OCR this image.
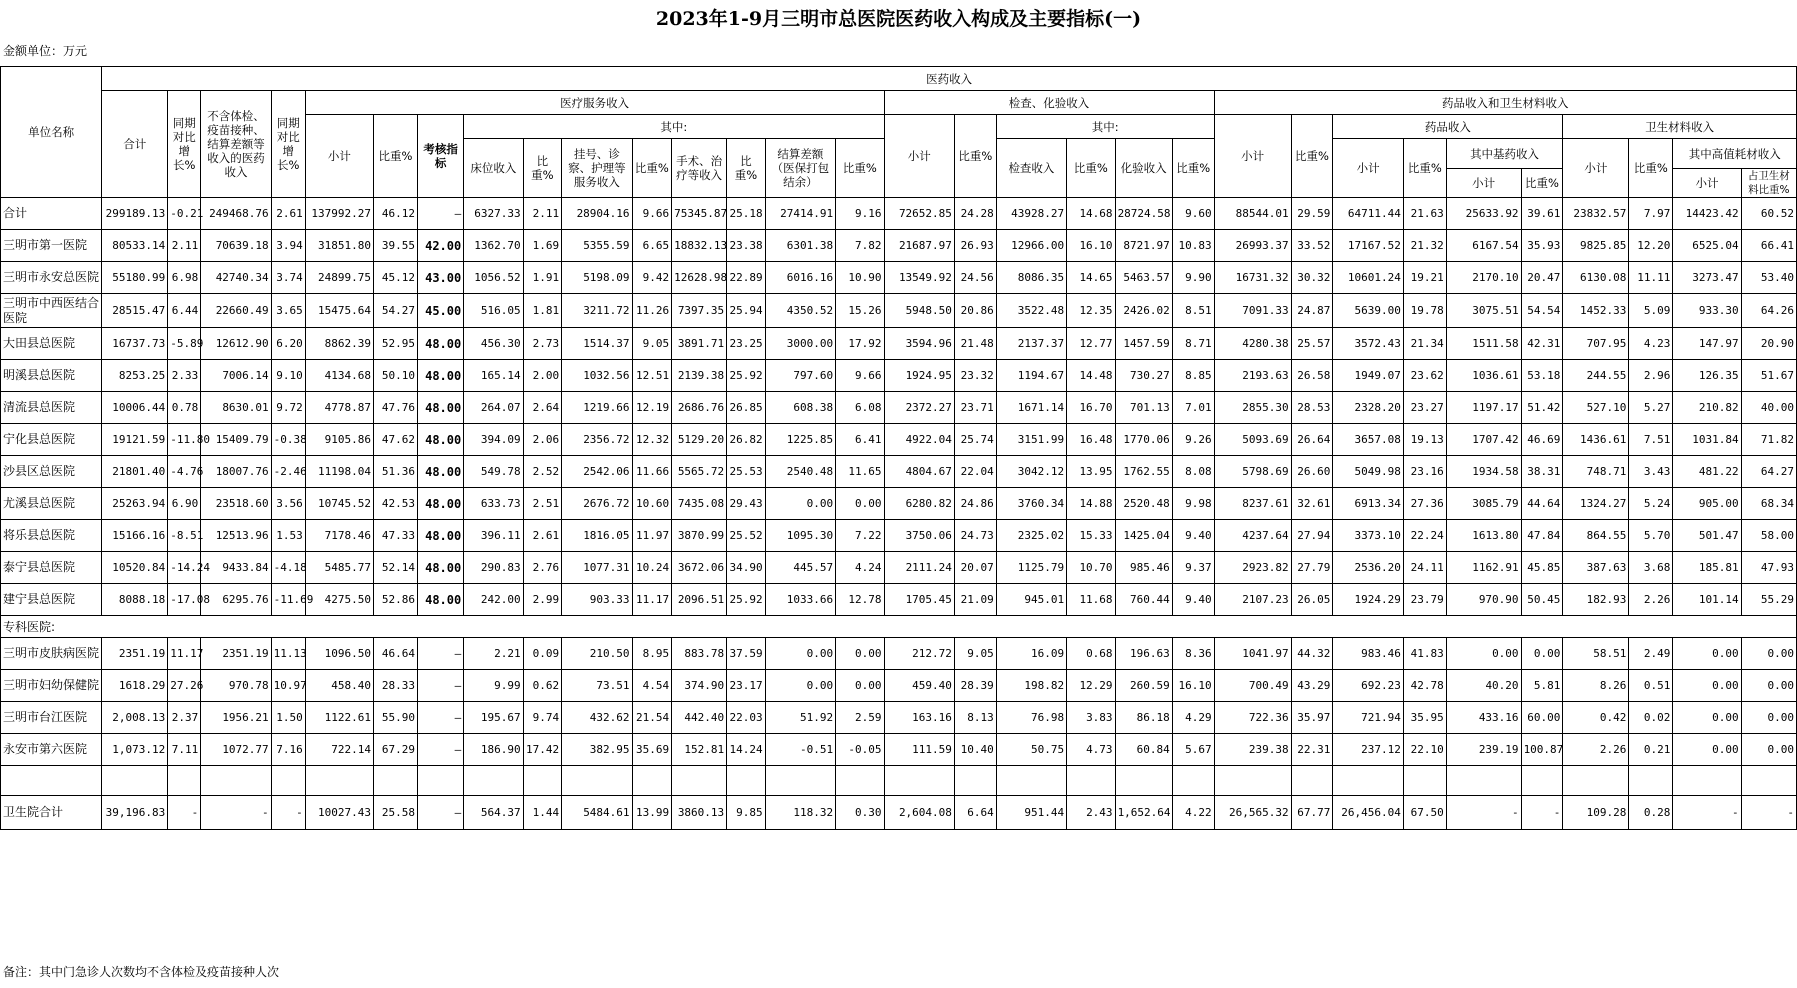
2023年1-9月三明市总医院医药收入构成及主要指标(一)
金额单位：万元
单位名称	医药收入																														
	合计	同期对比增长%	不含体检、疫苗接种、结算差额等收入的医药收入	同期对比增长%	医疗服务收入											检查、化验收入						药品收入和卫生材料收入									
					小计	比重%	考核指标	其中:								小计	比重%	其中:				小计	比重%	药品收入				卫生材料收入			
								床位收入	比重%	挂号、诊察、护理等服务收入	比重%	手术、治疗等收入	比重%	结算差额（医保打包结余）	比重%			检查收入	比重%	化验收入	比重%			小计	比重%	其中基药收入		小计	比重%	其中高值耗材收入	
																										小计	比重%			小计	占卫生材料比重%
合计	299189.13	-0.21	249468.76	2.61	137992.27	46.12	–	6327.33	2.11	28904.16	9.66	75345.87	25.18	27414.91	9.16	72652.85	24.28	43928.27	14.68	28724.58	9.60	88544.01	29.59	64711.44	21.63	25633.92	39.61	23832.57	7.97	14423.42	60.52
三明市第一医院	80533.14	2.11	70639.18	3.94	31851.80	39.55	42.00	1362.70	1.69	5355.59	6.65	18832.13	23.38	6301.38	7.82	21687.97	26.93	12966.00	16.10	8721.97	10.83	26993.37	33.52	17167.52	21.32	6167.54	35.93	9825.85	12.20	6525.04	66.41
三明市永安总医院	55180.99	6.98	42740.34	3.74	24899.75	45.12	43.00	1056.52	1.91	5198.09	9.42	12628.98	22.89	6016.16	10.90	13549.92	24.56	8086.35	14.65	5463.57	9.90	16731.32	30.32	10601.24	19.21	2170.10	20.47	6130.08	11.11	3273.47	53.40
三明市中西医结合医院	28515.47	6.44	22660.49	3.65	15475.64	54.27	45.00	516.05	1.81	3211.72	11.26	7397.35	25.94	4350.52	15.26	5948.50	20.86	3522.48	12.35	2426.02	8.51	7091.33	24.87	5639.00	19.78	3075.51	54.54	1452.33	5.09	933.30	64.26
大田县总医院	16737.73	-5.89	12612.90	6.20	8862.39	52.95	48.00	456.30	2.73	1514.37	9.05	3891.71	23.25	3000.00	17.92	3594.96	21.48	2137.37	12.77	1457.59	8.71	4280.38	25.57	3572.43	21.34	1511.58	42.31	707.95	4.23	147.97	20.90
明溪县总医院	8253.25	2.33	7006.14	9.10	4134.68	50.10	48.00	165.14	2.00	1032.56	12.51	2139.38	25.92	797.60	9.66	1924.95	23.32	1194.67	14.48	730.27	8.85	2193.63	26.58	1949.07	23.62	1036.61	53.18	244.55	2.96	126.35	51.67
清流县总医院	10006.44	0.78	8630.01	9.72	4778.87	47.76	48.00	264.07	2.64	1219.66	12.19	2686.76	26.85	608.38	6.08	2372.27	23.71	1671.14	16.70	701.13	7.01	2855.30	28.53	2328.20	23.27	1197.17	51.42	527.10	5.27	210.82	40.00
宁化县总医院	19121.59	-11.80	15409.79	-0.38	9105.86	47.62	48.00	394.09	2.06	2356.72	12.32	5129.20	26.82	1225.85	6.41	4922.04	25.74	3151.99	16.48	1770.06	9.26	5093.69	26.64	3657.08	19.13	1707.42	46.69	1436.61	7.51	1031.84	71.82
沙县区总医院	21801.40	-4.76	18007.76	-2.46	11198.04	51.36	48.00	549.78	2.52	2542.06	11.66	5565.72	25.53	2540.48	11.65	4804.67	22.04	3042.12	13.95	1762.55	8.08	5798.69	26.60	5049.98	23.16	1934.58	38.31	748.71	3.43	481.22	64.27
尤溪县总医院	25263.94	6.90	23518.60	3.56	10745.52	42.53	48.00	633.73	2.51	2676.72	10.60	7435.08	29.43	0.00	0.00	6280.82	24.86	3760.34	14.88	2520.48	9.98	8237.61	32.61	6913.34	27.36	3085.79	44.64	1324.27	5.24	905.00	68.34
将乐县总医院	15166.16	-8.51	12513.96	1.53	7178.46	47.33	48.00	396.11	2.61	1816.05	11.97	3870.99	25.52	1095.30	7.22	3750.06	24.73	2325.02	15.33	1425.04	9.40	4237.64	27.94	3373.10	22.24	1613.80	47.84	864.55	5.70	501.47	58.00
泰宁县总医院	10520.84	-14.24	9433.84	-4.18	5485.77	52.14	48.00	290.83	2.76	1077.31	10.24	3672.06	34.90	445.57	4.24	2111.24	20.07	1125.79	10.70	985.46	9.37	2923.82	27.79	2536.20	24.11	1162.91	45.85	387.63	3.68	185.81	47.93
建宁县总医院	8088.18	-17.08	6295.76	-11.69	4275.50	52.86	48.00	242.00	2.99	903.33	11.17	2096.51	25.92	1033.66	12.78	1705.45	21.09	945.01	11.68	760.44	9.40	2107.23	26.05	1924.29	23.79	970.90	50.45	182.93	2.26	101.14	55.29
专科医院:																															
三明市皮肤病医院	2351.19	11.17	2351.19	11.13	1096.50	46.64	–	2.21	0.09	210.50	8.95	883.78	37.59	0.00	0.00	212.72	9.05	16.09	0.68	196.63	8.36	1041.97	44.32	983.46	41.83	0.00	0.00	58.51	2.49	0.00	0.00
三明市妇幼保健院	1618.29	27.26	970.78	10.97	458.40	28.33	–	9.99	0.62	73.51	4.54	374.90	23.17	0.00	0.00	459.40	28.39	198.82	12.29	260.59	16.10	700.49	43.29	692.23	42.78	40.20	5.81	8.26	0.51	0.00	0.00
三明市台江医院	2,008.13	2.37	1956.21	1.50	1122.61	55.90	–	195.67	9.74	432.62	21.54	442.40	22.03	51.92	2.59	163.16	8.13	76.98	3.83	86.18	4.29	722.36	35.97	721.94	35.95	433.16	60.00	0.42	0.02	0.00	0.00
永安市第六医院	1,073.12	7.11	1072.77	7.16	722.14	67.29	–	186.90	17.42	382.95	35.69	152.81	14.24	-0.51	-0.05	111.59	10.40	50.75	4.73	60.84	5.67	239.38	22.31	237.12	22.10	239.19	100.87	2.26	0.21	0.00	0.00

卫生院合计	39,196.83	-	-	-	10027.43	25.58	–	564.37	1.44	5484.61	13.99	3860.13	9.85	118.32	0.30	2,604.08	6.64	951.44	2.43	1,652.64	4.22	26,565.32	67.77	26,456.04	67.50	-	-	109.28	0.28	-	-
备注：其中门急诊人次数均不含体检及疫苗接种人次
